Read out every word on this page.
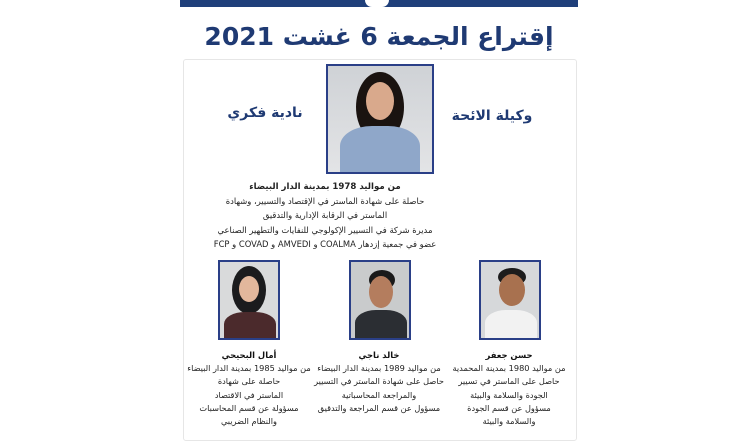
إقتراع الجمعة 6 غشت 2021
نادية فكري	وكيلة الائحة
من مواليد 1978 بمدينة الدار البيضاء
حاصلة على شهادة الماستر في الإقتصاد والتسيير، وشهادة
الماستر في الرقابة الإدارية والتدقيق
مديرة شركة في التسيير الإكولوجي للنفايات والتطهير الصناعي
عضو في جمعية إزدهار COALMA و AMVEDI و COVAD و FCP
أمال البحيحي
من مواليد 1985 بمدينة الدار البيضاء
حاصلة على شهادة
الماستر في الاقتصاد
مسؤولة عن قسم المحاسبات
والنظام الضريبي
خالد ناجي
من مواليد 1989 بمدينة الدار البيضاء
حاصل على شهادة الماستر في التسيير
والمراجعة المحاسباتية
مسؤول عن قسم المراجعة والتدقيق
حسن جعفر
من مواليد 1980 بمدينة المحمدية
حاصل على الماستر في تسيير
الجودة والسلامة والبيئة
مسؤول عن قسم الجودة
والسلامة والبيئة
